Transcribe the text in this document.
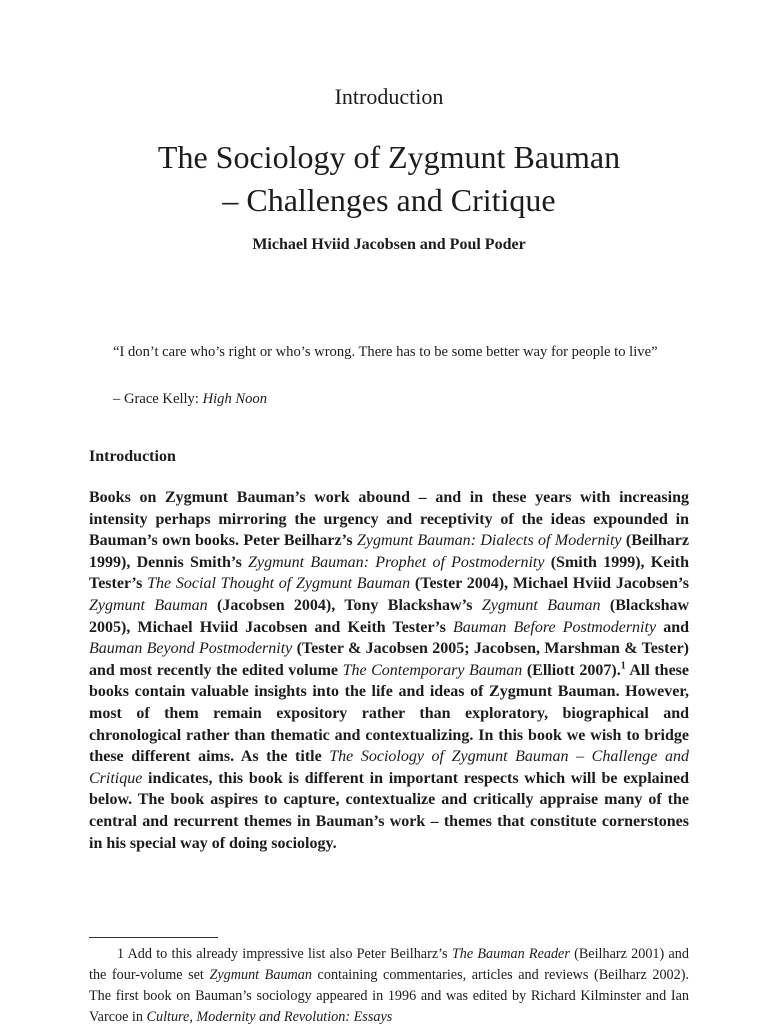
Introduction
The Sociology of Zygmunt Bauman
– Challenges and Critique
Michael Hviid Jacobsen and Poul Poder
“I don’t care who’s right or who’s wrong. There has to be some better way for people to live”
– Grace Kelly: High Noon
Introduction

Books on Zygmunt Bauman’s work abound – and in these years with increasing intensity perhaps mirroring the urgency and receptivity of the ideas expounded in Bauman’s own books. Peter Beilharz’s Zygmunt Bauman: Dialects of Modernity (Beilharz 1999), Dennis Smith’s Zygmunt Bauman: Prophet of Postmodernity (Smith 1999), Keith Tester’s The Social Thought of Zygmunt Bauman (Tester 2004), Michael Hviid Jacobsen’s Zygmunt Bauman (Jacobsen 2004), Tony Blackshaw’s Zygmunt Bauman (Blackshaw 2005), Michael Hviid Jacobsen and Keith Tester’s Bauman Before Postmodernity and Bauman Beyond Postmodernity (Tester & Jacobsen 2005; Jacobsen, Marshman & Tester) and most recently the edited volume The Contemporary Bauman (Elliott 2007).$^1$ All these books contain valuable insights into the life and ideas of Zygmunt Bauman. However, most of them remain expository rather than exploratory, biographical and chronological rather than thematic and contextualizing. In this book we wish to bridge these different aims. As the title The Sociology of Zygmunt Bauman – Challenge and Critique indicates, this book is different in important respects which will be explained below. The book aspires to capture, contextualize and critically appraise many of the central and recurrent themes in Bauman’s work – themes that constitute cornerstones in his special way of doing sociology.

1 Add to this already impressive list also Peter Beilharz’s The Bauman Reader (Beilharz 2001) and the four-volume set Zygmunt Bauman containing commentaries, articles and reviews (Beilharz 2002). The first book on Bauman’s sociology appeared in 1996 and was edited by Richard Kilminster and Ian Varcoe in Culture, Modernity and Revolution: Essays
